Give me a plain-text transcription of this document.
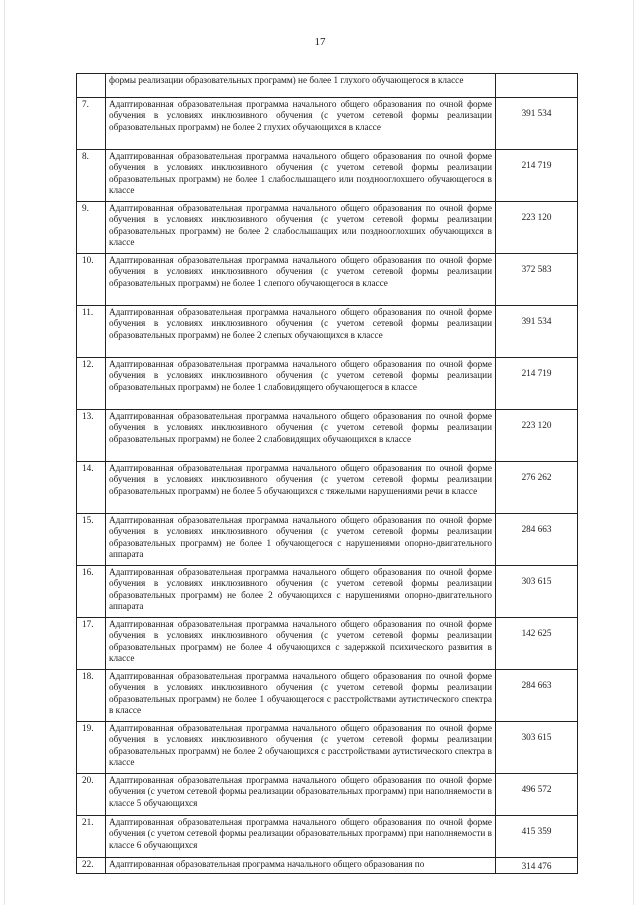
17
	формы реализации образовательных программ) не более 1 глухого обучающегося в классе	
7.	Адаптированная образовательная программа начального общего образования по очной форме обучения в условиях инклюзивного обучения (с учетом сетевой формы реализации образовательных программ) не более 2 глухих обучающихся в классе	391 534
8.	Адаптированная образовательная программа начального общего образования по очной форме обучения в условиях инклюзивного обучения (с учетом сетевой формы реализации образовательных программ) не более 1 слабослышащего или позднооглохшего обучающегося в классе	214 719
9.	Адаптированная образовательная программа начального общего образования по очной форме обучения в условиях инклюзивного обучения (с учетом сетевой формы реализации образовательных программ) не более 2 слабослышащих или позднооглохших обучающихся в классе	223 120
10.	Адаптированная образовательная программа начального общего образования по очной форме обучения в условиях инклюзивного обучения (с учетом сетевой формы реализации образовательных программ) не более 1 слепого обучающегося в классе	372 583
11.	Адаптированная образовательная программа начального общего образования по очной форме обучения в условиях инклюзивного обучения (с учетом сетевой формы реализации образовательных программ) не более 2 слепых обучающихся в классе	391 534
12.	Адаптированная образовательная программа начального общего образования по очной форме обучения в условиях инклюзивного обучения (с учетом сетевой формы реализации образовательных программ) не более 1 слабовидящего обучающегося в классе	214 719
13.	Адаптированная образовательная программа начального общего образования по очной форме обучения в условиях инклюзивного обучения (с учетом сетевой формы реализации образовательных программ) не более 2 слабовидящих обучающихся в классе	223 120
14.	Адаптированная образовательная программа начального общего образования по очной форме обучения в условиях инклюзивного обучения (с учетом сетевой формы реализации образовательных программ) не более 5 обучающихся с тяжелыми нарушениями речи в классе	276 262
15.	Адаптированная образовательная программа начального общего образования по очной форме обучения в условиях инклюзивного обучения (с учетом сетевой формы реализации образовательных программ) не более 1 обучающегося с нарушениями опорно-двигательного аппарата	284 663
16.	Адаптированная образовательная программа начального общего образования по очной форме обучения в условиях инклюзивного обучения (с учетом сетевой формы реализации образовательных программ) не более 2 обучающихся с нарушениями опорно-двигательного аппарата	303 615
17.	Адаптированная образовательная программа начального общего образования по очной форме обучения в условиях инклюзивного обучения (с учетом сетевой формы реализации образовательных программ) не более 4 обучающихся с задержкой психического развития в классе	142 625
18.	Адаптированная образовательная программа начального общего образования по очной форме обучения в условиях инклюзивного обучения (с учетом сетевой формы реализации образовательных программ) не более 1 обучающегося с расстройствами аутистического спектра в классе	284 663
19.	Адаптированная образовательная программа начального общего образования по очной форме обучения в условиях инклюзивного обучения (с учетом сетевой формы реализации образовательных программ) не более 2 обучающихся с расстройствами аутистического спектра в классе	303 615
20.	Адаптированная образовательная программа начального общего образования по очной форме обучения (с учетом сетевой формы реализации образовательных программ) при наполняемости в классе 5 обучающихся	496 572
21.	Адаптированная образовательная программа начального общего образования по очной форме обучения (с учетом сетевой формы реализации образовательных программ) при наполняемости в классе 6 обучающихся	415 359
22.	Адаптированная образовательная программа начального общего образования по	314 476
